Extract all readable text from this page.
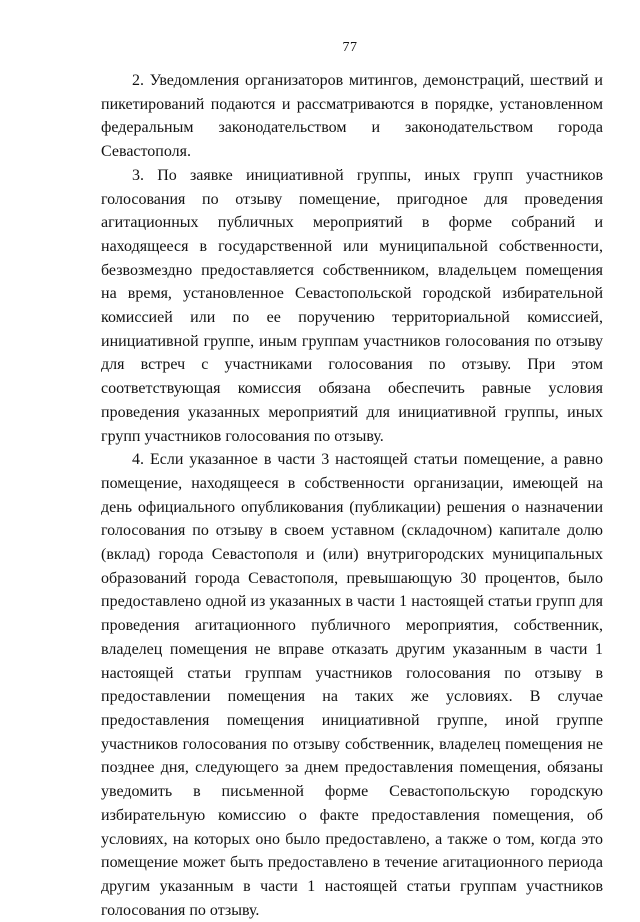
77

2. Уведомления организаторов митингов, демонстраций, шествий и пикетирований подаются и рассматриваются в порядке, установленном федеральным законодательством и законодательством города Севастополя.

3. По заявке инициативной группы, иных групп участников голосования по отзыву помещение, пригодное для проведения агитационных публичных мероприятий в форме собраний и находящееся в государственной или муниципальной собственности, безвозмездно предоставляется собственником, владельцем помещения на время, установленное Севастопольской городской избирательной комиссией или по ее поручению территориальной комиссией, инициативной группе, иным группам участников голосования по отзыву для встреч с участниками голосования по отзыву. При этом соответствующая комиссия обязана обеспечить равные условия проведения указанных мероприятий для инициативной группы, иных групп участников голосования по отзыву.

4. Если указанное в части 3 настоящей статьи помещение, а равно помещение, находящееся в собственности организации, имеющей на день официального опубликования (публикации) решения о назначении голосования по отзыву в своем уставном (складочном) капитале долю (вклад) города Севастополя и (или) внутригородских муниципальных образований города Севастополя, превышающую 30 процентов, было предоставлено одной из указанных в части 1 настоящей статьи групп для проведения агитационного публичного мероприятия, собственник, владелец помещения не вправе отказать другим указанным в части 1 настоящей статьи группам участников голосования по отзыву в предоставлении помещения на таких же условиях. В случае предоставления помещения инициативной группе, иной группе участников голосования по отзыву собственник, владелец помещения не позднее дня, следующего за днем предоставления помещения, обязаны уведомить в письменной форме Севастопольскую городскую избирательную комиссию о факте предоставления помещения, об условиях, на которых оно было предоставлено, а также о том, когда это помещение может быть предоставлено в течение агитационного периода другим указанным в части 1 настоящей статьи группам участников голосования по отзыву.
